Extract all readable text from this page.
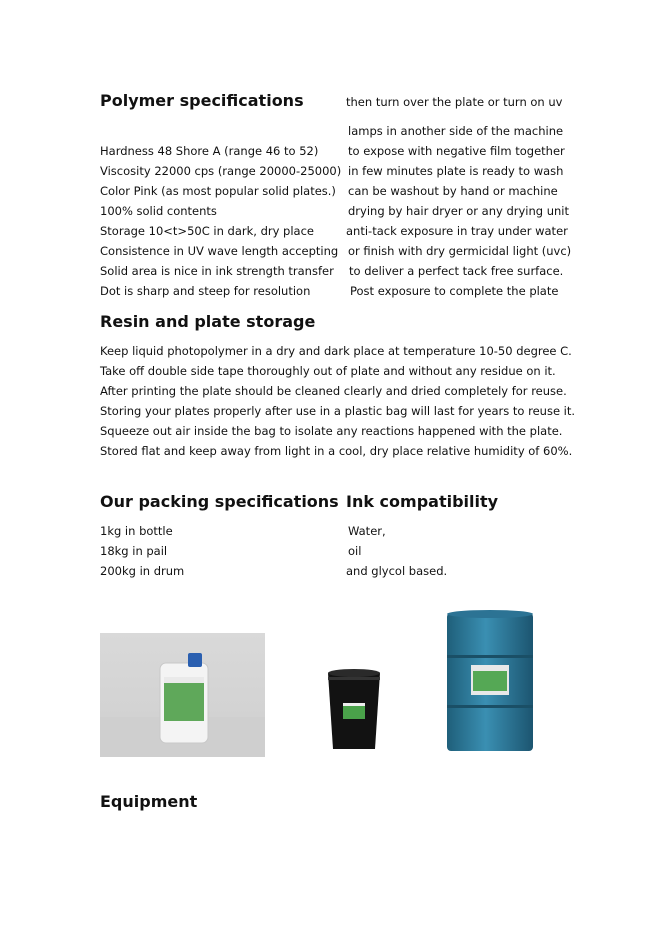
Polymer specifications	then turn over the plate or turn on uv
Hardness 48 Shore A (range 46 to 52)
Viscosity 22000 cps (range 20000-25000)
Color Pink (as most popular solid plates.)
100% solid contents
Storage 10<t>50C in dark, dry place
Consistence in UV wave length accepting
Solid area is nice in ink strength transfer
Dot is sharp and steep for resolution
lamps in another side of the machine
to expose with negative film together
in few minutes plate is ready to wash
can be washout by hand or machine
drying by hair dryer or any drying unit
anti-tack exposure in tray under water
or finish with dry germicidal light (uvc)
to deliver a perfect tack free surface.
Post exposure to complete the plate
Resin and plate storage
Keep liquid photopolymer in a dry and dark place at temperature 10-50 degree C.
Take off double side tape thoroughly out of plate and without any residue on it.
After printing the plate should be cleaned clearly and dried completely for reuse.
Storing your plates properly after use in a plastic bag will last for years to reuse it.
Squeeze out air inside the bag to isolate any reactions happened with the plate.
Stored flat and keep away from light in a cool, dry place relative humidity of 60%.
Our packing specifications Ink compatibility
1kg in bottle
18kg in pail
200kg in drum
Water,
oil
and glycol based.
Equipment
